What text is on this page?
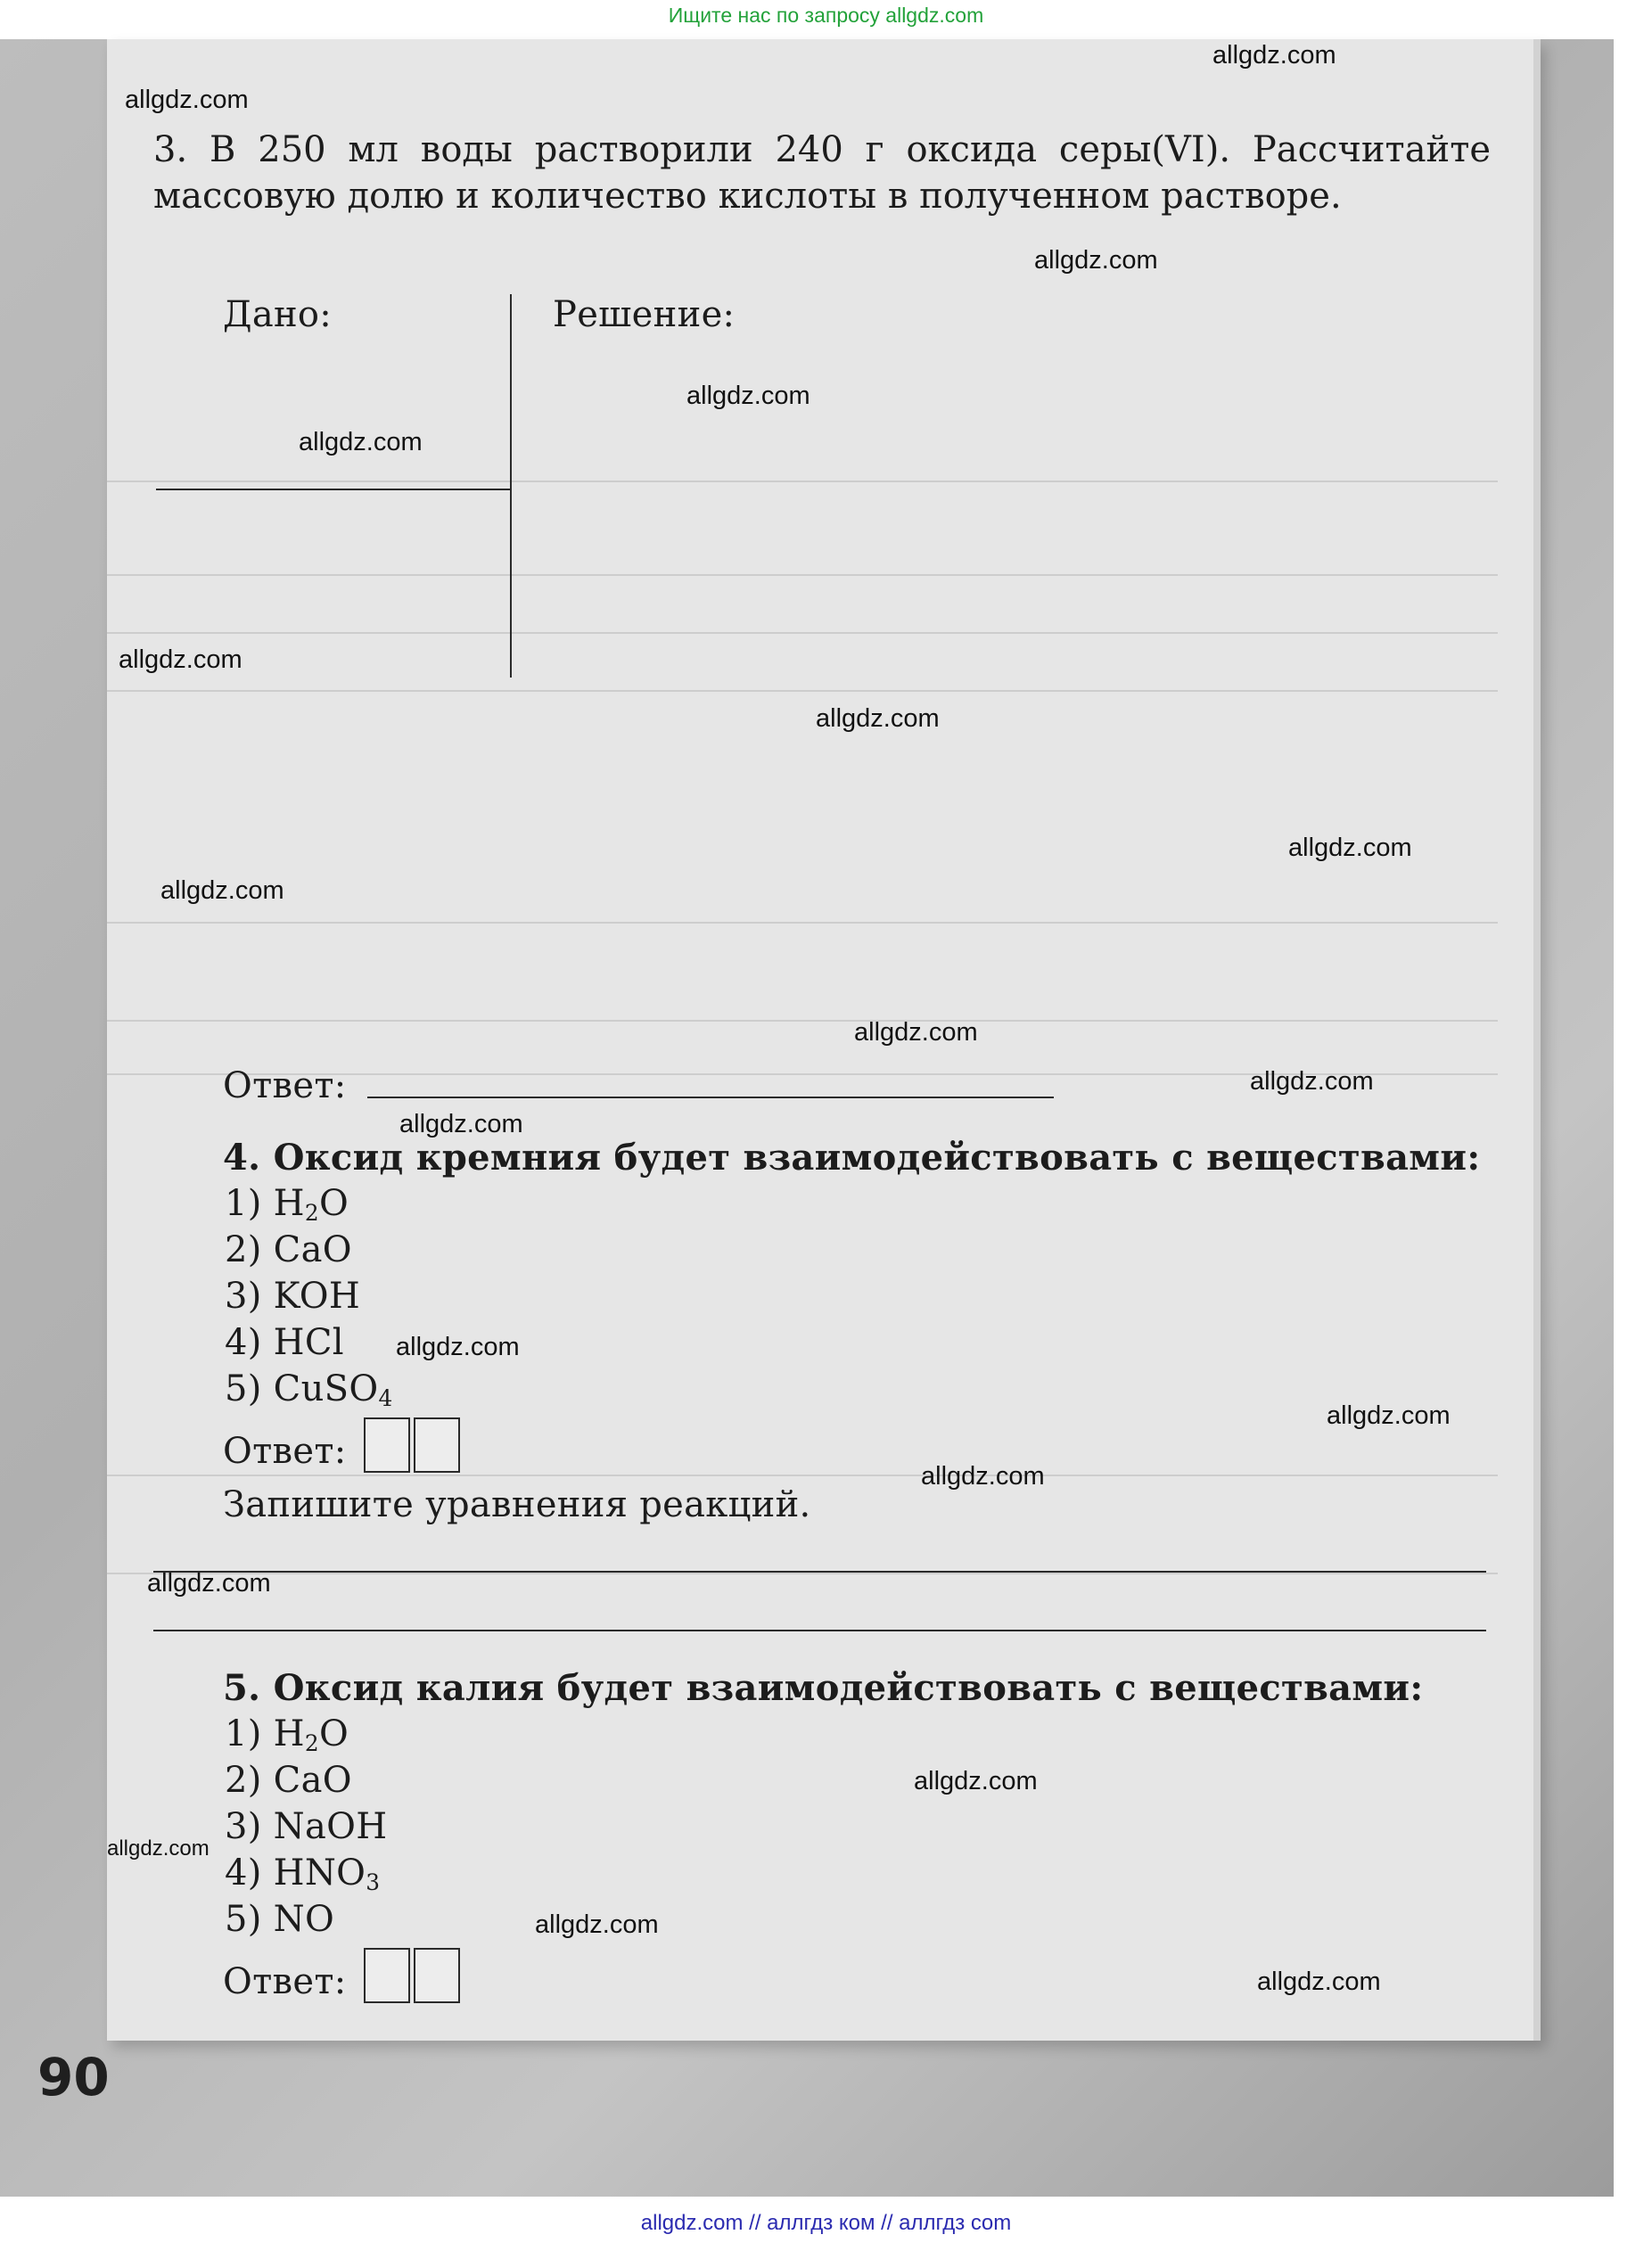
Ищите нас по запросу allgdz.com
3. В 250 мл воды растворили 240 г оксида серы(VI). Рассчитайте массовую долю и количество кислоты в полученном растворе.
Дано:	Решение:
Ответ:
4. Оксид кремния будет взаимодействовать с веществами:
1) $H_2O$
2) CaO
3) KOH
4) HCl
5) CuSO$_4$
Ответ:
Запишите уравнения реакций.
5. Оксид калия будет взаимодействовать с веществами:
1) $H_2O$
2) CaO
3) NaOH
4) $HNO_3$
5) NO
Ответ:
90
allgdz.com
allgdz.com
allgdz.com
allgdz.com
allgdz.com
allgdz.com
allgdz.com
allgdz.com
allgdz.com
allgdz.com
allgdz.com
allgdz.com
allgdz.com
allgdz.com
allgdz.com
allgdz.com
allgdz.com
allgdz.com
allgdz.com
allgdz.com
allgdz.com // аллгдз ком // аллгдз com
